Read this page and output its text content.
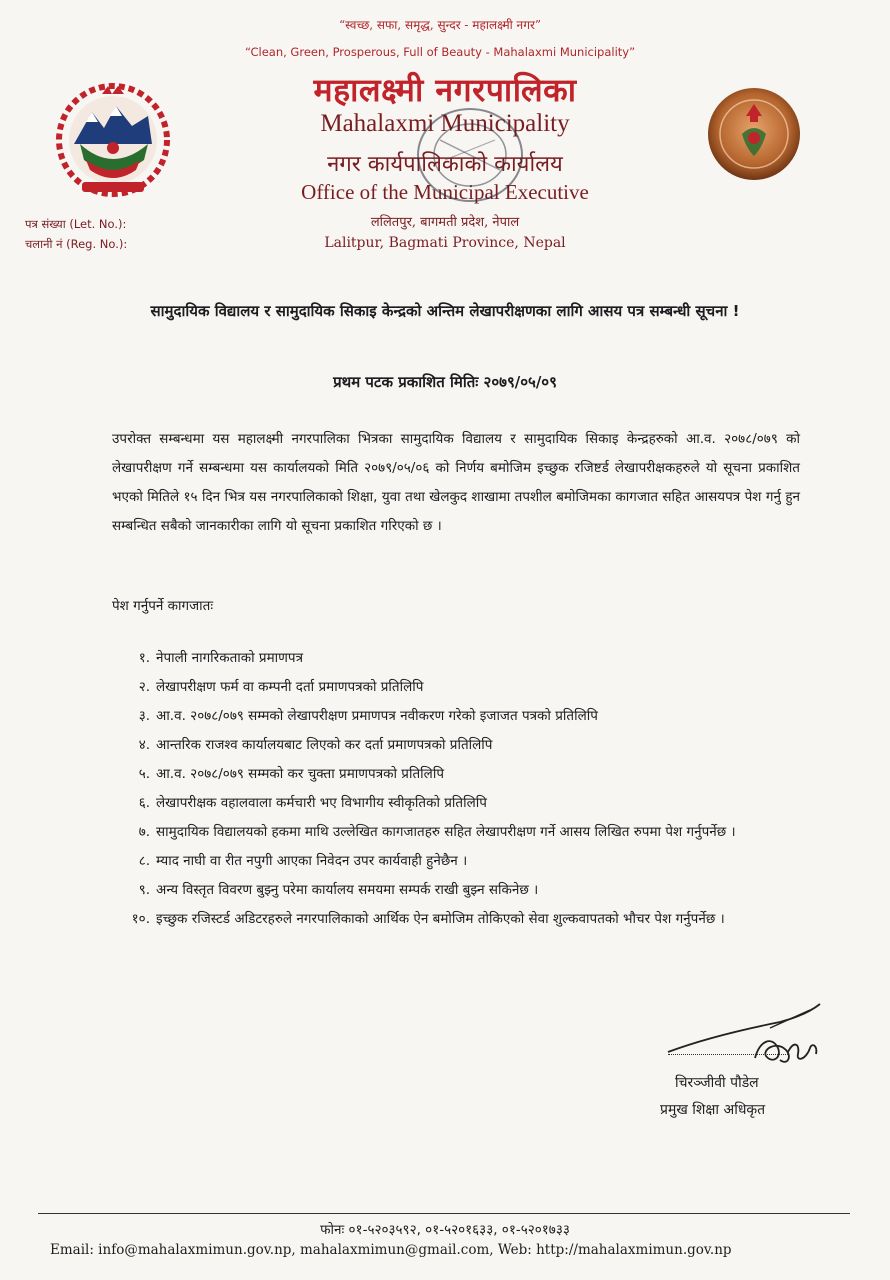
“स्वच्छ, सफा, समृद्ध, सुन्दर - महालक्ष्मी नगर”
“Clean, Green, Prosperous, Full of Beauty - Mahalaxmi Municipality”
महालक्ष्मी नगरपालिका
Mahalaxmi Municipality
नगर कार्यपालिकाको कार्यालय
Office of the Municipal Executive
ललितपुर, बागमती प्रदेश, नेपाल
Lalitpur, Bagmati Province, Nepal
पत्र संख्या (Let. No.):
चलानी नं (Reg. No.):
सामुदायिक विद्यालय र सामुदायिक सिकाइ केन्द्रको अन्तिम लेखापरीक्षणका लागि आसय पत्र सम्बन्धी सूचना !
प्रथम पटक प्रकाशित मितिः २०७९/०५/०९
उपरोक्त सम्बन्धमा यस महालक्ष्मी नगरपालिका भित्रका सामुदायिक विद्यालय र सामुदायिक सिकाइ केन्द्रहरुको आ.व. २०७८/०७९ को लेखापरीक्षण गर्ने सम्बन्धमा यस कार्यालयको मिति २०७९/०५/०६ को निर्णय बमोजिम इच्छुक रजिष्टर्ड लेखापरीक्षकहरुले यो सूचना प्रकाशित भएको मितिले १५ दिन भित्र यस नगरपालिकाको शिक्षा, युवा तथा खेलकुद शाखामा तपशील बमोजिमका कागजात सहित आसयपत्र पेश गर्नु हुन सम्बन्धित सबैको जानकारीका लागि यो सूचना प्रकाशित गरिएको छ ।
पेश गर्नुपर्ने कागजातः
१. नेपाली नागरिकताको प्रमाणपत्र
२. लेखापरीक्षण फर्म वा कम्पनी दर्ता प्रमाणपत्रको प्रतिलिपि
३. आ.व. २०७८/०७९ सम्मको लेखापरीक्षण प्रमाणपत्र नवीकरण गरेको इजाजत पत्रको प्रतिलिपि
४. आन्तरिक राजश्व कार्यालयबाट लिएको कर दर्ता प्रमाणपत्रको प्रतिलिपि
५. आ.व. २०७८/०७९ सम्मको कर चुक्ता प्रमाणपत्रको प्रतिलिपि
६. लेखापरीक्षक वहालवाला कर्मचारी भए विभागीय स्वीकृतिको प्रतिलिपि
७. सामुदायिक विद्यालयको हकमा माथि उल्लेखित कागजातहरु सहित लेखापरीक्षण गर्ने आसय लिखित रुपमा पेश गर्नुपर्नेछ ।
८. म्याद नाघी वा रीत नपुगी आएका निवेदन उपर कार्यवाही हुनेछैन ।
९. अन्य विस्तृत विवरण बुझ्नु परेमा कार्यालय समयमा सम्पर्क राखी बुझ्न सकिनेछ ।
१०. इच्छुक रजिस्टर्ड अडिटरहरुले नगरपालिकाको आर्थिक ऐन बमोजिम तोकिएको सेवा शुल्कवापतको भौचर पेश गर्नुपर्नेछ ।
चिरञ्जीवी पौडेल
प्रमुख शिक्षा अधिकृत
फोनः ०१-५२०३५९२, ०१-५२०१६३३, ०१-५२०१७३३
Email: info@mahalaxmimun.gov.np, mahalaxmimun@gmail.com, Web: http://mahalaxmimun.gov.np
